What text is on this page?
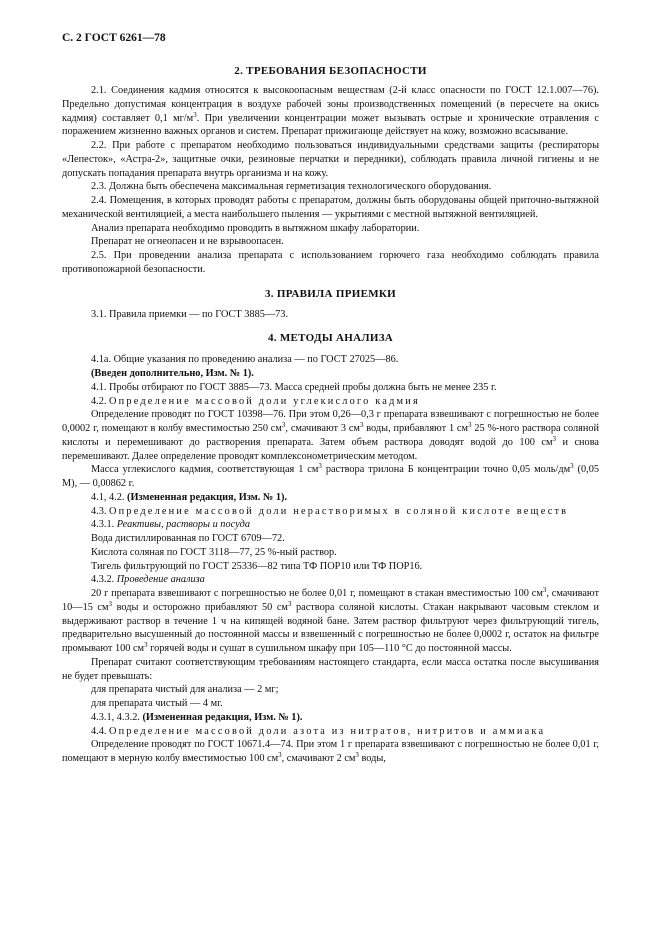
С. 2 ГОСТ 6261—78
2. ТРЕБОВАНИЯ БЕЗОПАСНОСТИ

2.1. Соединения кадмия относятся к высокоопасным веществам (2-й класс опасности по ГОСТ 12.1.007—76). Предельно допустимая концентрация в воздухе рабочей зоны производственных помещений (в пересчете на окись кадмия) составляет 0,1 $мг/м^3$. При увеличении концентрации может вызывать острые и хронические отравления с поражением жизненно важных органов и систем. Препарат прижигающе действует на кожу, возможно всасывание.

2.2. При работе с препаратом необходимо пользоваться индивидуальными средствами защиты (респираторы «Лепесток», «Астра-2», защитные очки, резиновые перчатки и передники), соблюдать правила личной гигиены и не допускать попадания препарата внутрь организма и на кожу.

2.3. Должна быть обеспечена максимальная герметизация технологического оборудования.

2.4. Помещения, в которых проводят работы с препаратом, должны быть оборудованы общей приточно-вытяжной механической вентиляцией, а места наибольшего пыления — укрытиями с местной вытяжной вентиляцией.

Анализ препарата необходимо проводить в вытяжном шкафу лаборатории.

Препарат не огнеопасен и не взрывоопасен.

2.5. При проведении анализа препарата с использованием горючего газа необходимо соблюдать правила противопожарной безопасности.

3. ПРАВИЛА ПРИЕМКИ

3.1. Правила приемки — по ГОСТ 3885—73.

4. МЕТОДЫ АНАЛИЗА

4.1а. Общие указания по проведению анализа — по ГОСТ 27025—86.

(Введен дополнительно, Изм. № 1).

4.1. Пробы отбирают по ГОСТ 3885—73. Масса средней пробы должна быть не менее 235 г.

4.2. Определение массовой доли углекислого кадмия

Определение проводят по ГОСТ 10398—76. При этом 0,26—0,3 г препарата взвешивают с погрешностью не более 0,0002 г, помещают в колбу вместимостью 250 $см^3$, смачивают 3 $см^3$ воды, прибавляют 1 $см^3$ 25 %-ного раствора соляной кислоты и перемешивают до растворения препарата. Затем объем раствора доводят водой до 100 $см^3$ и снова перемешивают. Далее определение проводят комплексонометрическим методом.

Масса углекислого кадмия, соответствующая 1 $см^3$ раствора трилона Б концентрации точно 0,05 моль/$дм^3$ (0,05 М), — 0,00862 г.

4.1, 4.2. (Измененная редакция, Изм. № 1).

4.3. Определение массовой доли нерастворимых в соляной кислоте веществ

4.3.1. Реактивы, растворы и посуда

Вода дистиллированная по ГОСТ 6709—72.

Кислота соляная по ГОСТ 3118—77, 25 %-ный раствор.

Тигель фильтрующий по ГОСТ 25336—82 типа ТФ ПОР10 или ТФ ПОР16.

4.3.2. Проведение анализа

20 г препарата взвешивают с погрешностью не более 0,01 г, помещают в стакан вместимостью 100 $см^3$, смачивают 10—15 $см^3$ воды и осторожно прибавляют 50 $см^3$ раствора соляной кислоты. Стакан накрывают часовым стеклом и выдерживают раствор в течение 1 ч на кипящей водяной бане. Затем раствор фильтруют через фильтрующий тигель, предварительно высушенный до постоянной массы и взвешенный с погрешностью не более 0,0002 г, остаток на фильтре промывают 100 $см^3$ горячей воды и сушат в сушильном шкафу при 105—110 °С до постоянной массы.

Препарат считают соответствующим требованиям настоящего стандарта, если масса остатка после высушивания не будет превышать:

для препарата чистый для анализа — 2 мг;

для препарата чистый — 4 мг.

4.3.1, 4.3.2. (Измененная редакция, Изм. № 1).

4.4. Определение массовой доли азота из нитратов, нитритов и аммиака

Определение проводят по ГОСТ 10671.4—74. При этом 1 г препарата взвешивают с погрешностью не более 0,01 г, помещают в мерную колбу вместимостью 100 $см^3$, смачивают 2 $см^3$ воды,
